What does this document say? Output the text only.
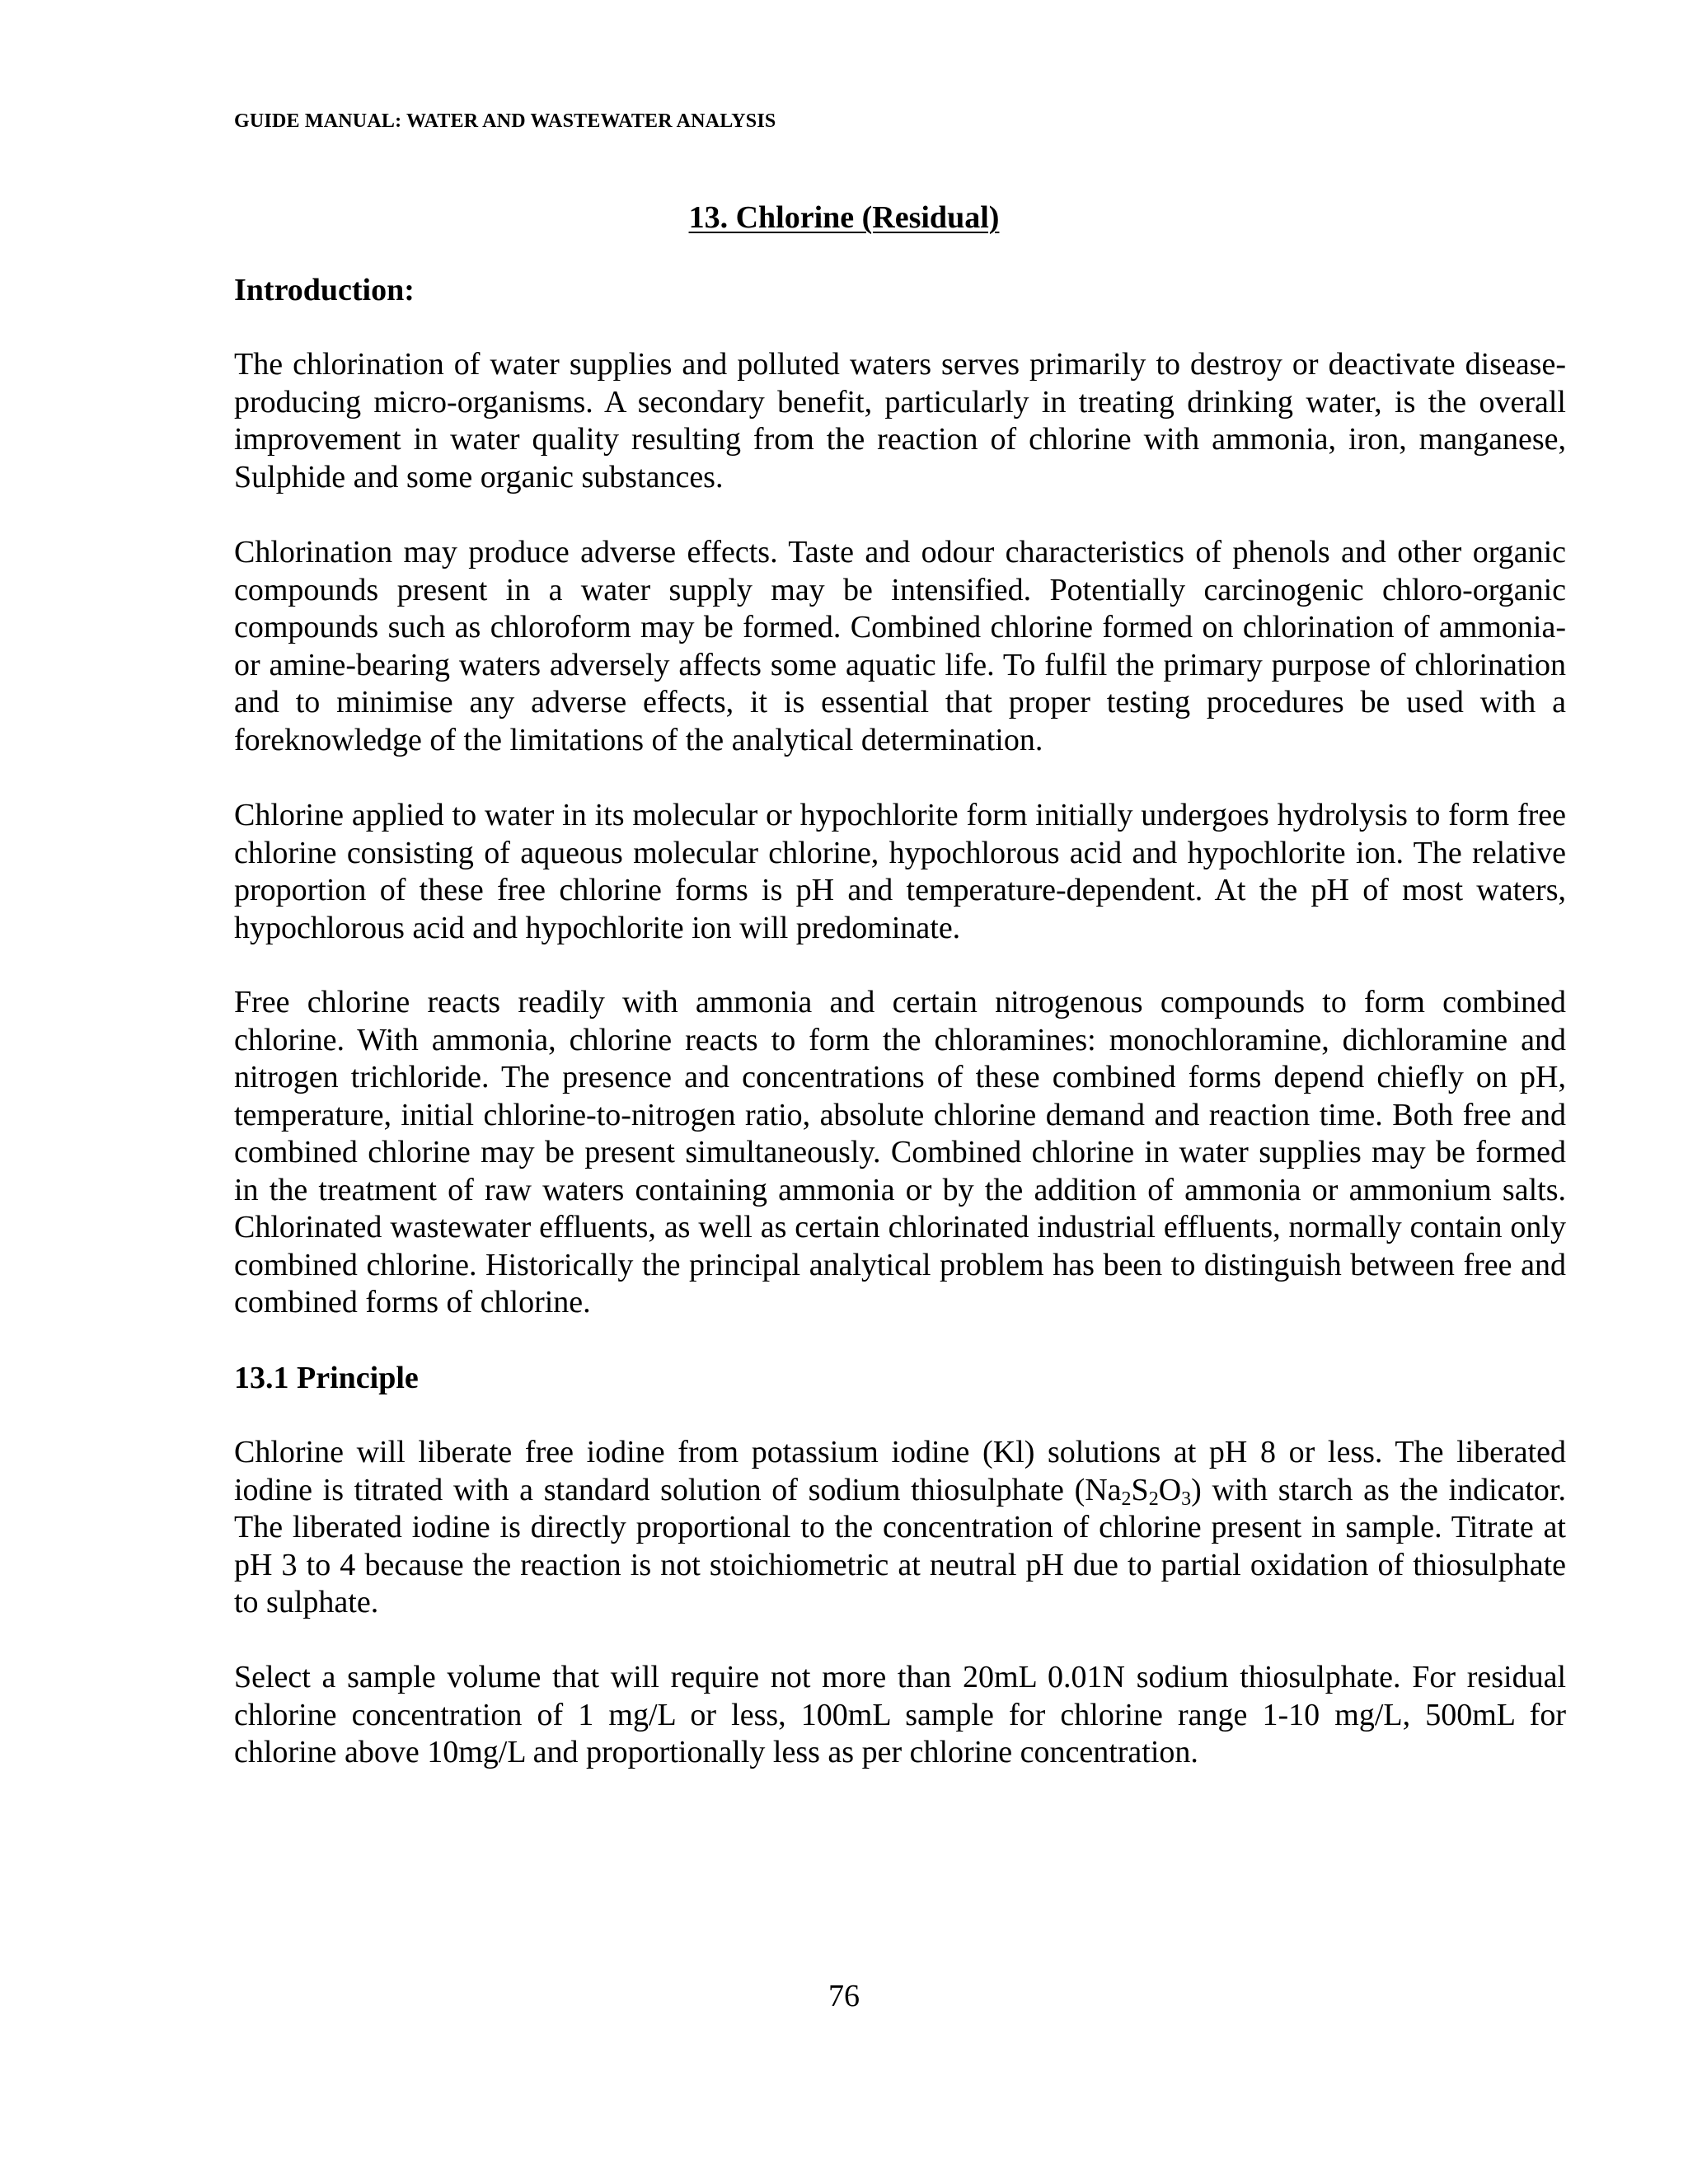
GUIDE MANUAL: WATER AND WASTEWATER ANALYSIS
13. Chlorine (Residual)
Introduction:

The chlorination of water supplies and polluted waters serves primarily to destroy or deactivate disease-producing micro-organisms. A secondary benefit, particularly in treating drinking water, is the overall improvement in water quality resulting from the reaction of chlorine with ammonia, iron, manganese, Sulphide and some organic substances.

Chlorination may produce adverse effects. Taste and odour characteristics of phenols and other organic compounds present in a water supply may be intensified. Potentially carcinogenic chloro-organic compounds such as chloroform may be formed. Combined chlorine formed on chlorination of ammonia-or amine-bearing waters adversely affects some aquatic life. To fulfil the primary purpose of chlorination and to minimise any adverse effects, it is essential that proper testing procedures be used with a foreknowledge of the limitations of the analytical determination.

Chlorine applied to water in its molecular or hypochlorite form initially undergoes hydrolysis to form free chlorine consisting of aqueous molecular chlorine, hypochlorous acid and hypochlorite ion. The relative proportion of these free chlorine forms is pH and temperature-dependent. At the pH of most waters, hypochlorous acid and hypochlorite ion will predominate.

Free chlorine reacts readily with ammonia and certain nitrogenous compounds to form combined chlorine. With ammonia, chlorine reacts to form the chloramines: monochloramine, dichloramine and nitrogen trichloride. The presence and concentrations of these combined forms depend chiefly on pH, temperature, initial chlorine-to-nitrogen ratio, absolute chlorine demand and reaction time. Both free and combined chlorine may be present simultaneously. Combined chlorine in water supplies may be formed in the treatment of raw waters containing ammonia or by the addition of ammonia or ammonium salts. Chlorinated wastewater effluents, as well as certain chlorinated industrial effluents, normally contain only combined chlorine. Historically the principal analytical problem has been to distinguish between free and combined forms of chlorine.

13.1 Principle

Chlorine will liberate free iodine from potassium iodine (Kl) solutions at pH 8 or less. The liberated iodine is titrated with a standard solution of sodium thiosulphate $(Na_2S_2O_3)$ with starch as the indicator. The liberated iodine is directly proportional to the concentration of chlorine present in sample. Titrate at pH 3 to 4 because the reaction is not stoichiometric at neutral pH due to partial oxidation of thiosulphate to sulphate.

Select a sample volume that will require not more than 20mL 0.01N sodium thiosulphate. For residual chlorine concentration of 1 mg/L or less, 100mL sample for chlorine range 1-10 mg/L, 500mL for chlorine above 10mg/L and proportionally less as per chlorine concentration.

76
